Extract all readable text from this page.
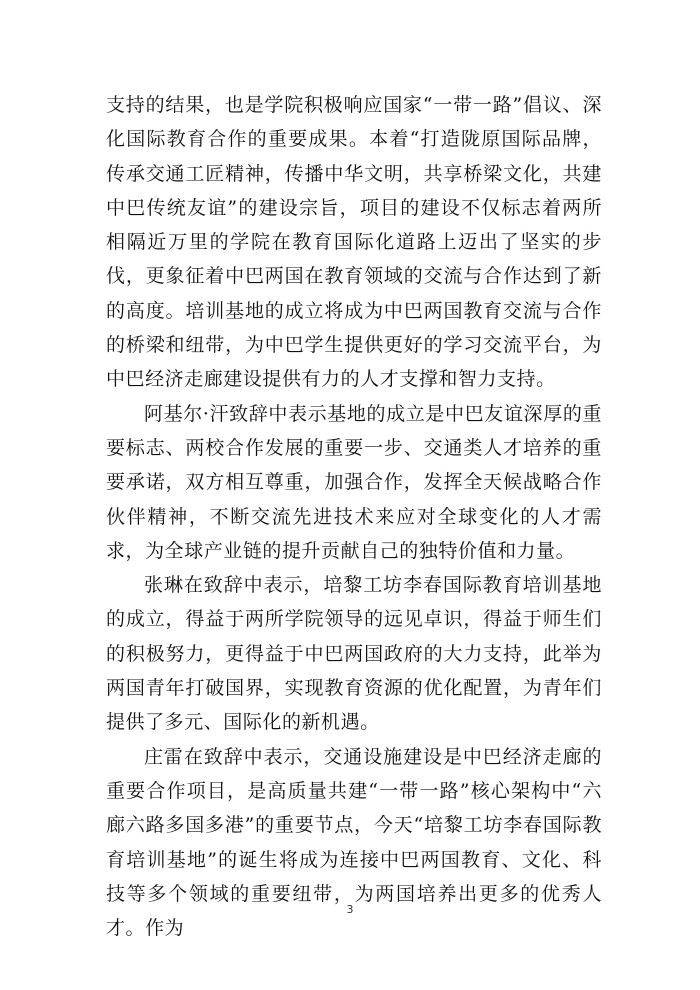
支持的结果，也是学院积极响应国家“一带一路”倡议、深化国际教育合作的重要成果。本着“打造陇原国际品牌，传承交通工匠精神，传播中华文明，共享桥梁文化，共建中巴传统友谊”的建设宗旨，项目的建设不仅标志着两所相隔近万里的学院在教育国际化道路上迈出了坚实的步伐，更象征着中巴两国在教育领域的交流与合作达到了新的高度。培训基地的成立将成为中巴两国教育交流与合作的桥梁和纽带，为中巴学生提供更好的学习交流平台，为中巴经济走廊建设提供有力的人才支撑和智力支持。

阿基尔·汗致辞中表示基地的成立是中巴友谊深厚的重要标志、两校合作发展的重要一步、交通类人才培养的重要承诺，双方相互尊重，加强合作，发挥全天候战略合作伙伴精神，不断交流先进技术来应对全球变化的人才需求，为全球产业链的提升贡献自己的独特价值和力量。

张琳在致辞中表示，培黎工坊李春国际教育培训基地的成立，得益于两所学院领导的远见卓识，得益于师生们的积极努力，更得益于中巴两国政府的大力支持，此举为两国青年打破国界，实现教育资源的优化配置，为青年们提供了多元、国际化的新机遇。

庄雷在致辞中表示，交通设施建设是中巴经济走廊的重要合作项目，是高质量共建“一带一路”核心架构中“六廊六路多国多港”的重要节点，今天“培黎工坊李春国际教育培训基地”的诞生将成为连接中巴两国教育、文化、科技等多个领域的重要纽带，为两国培养出更多的优秀人才。作为

3
